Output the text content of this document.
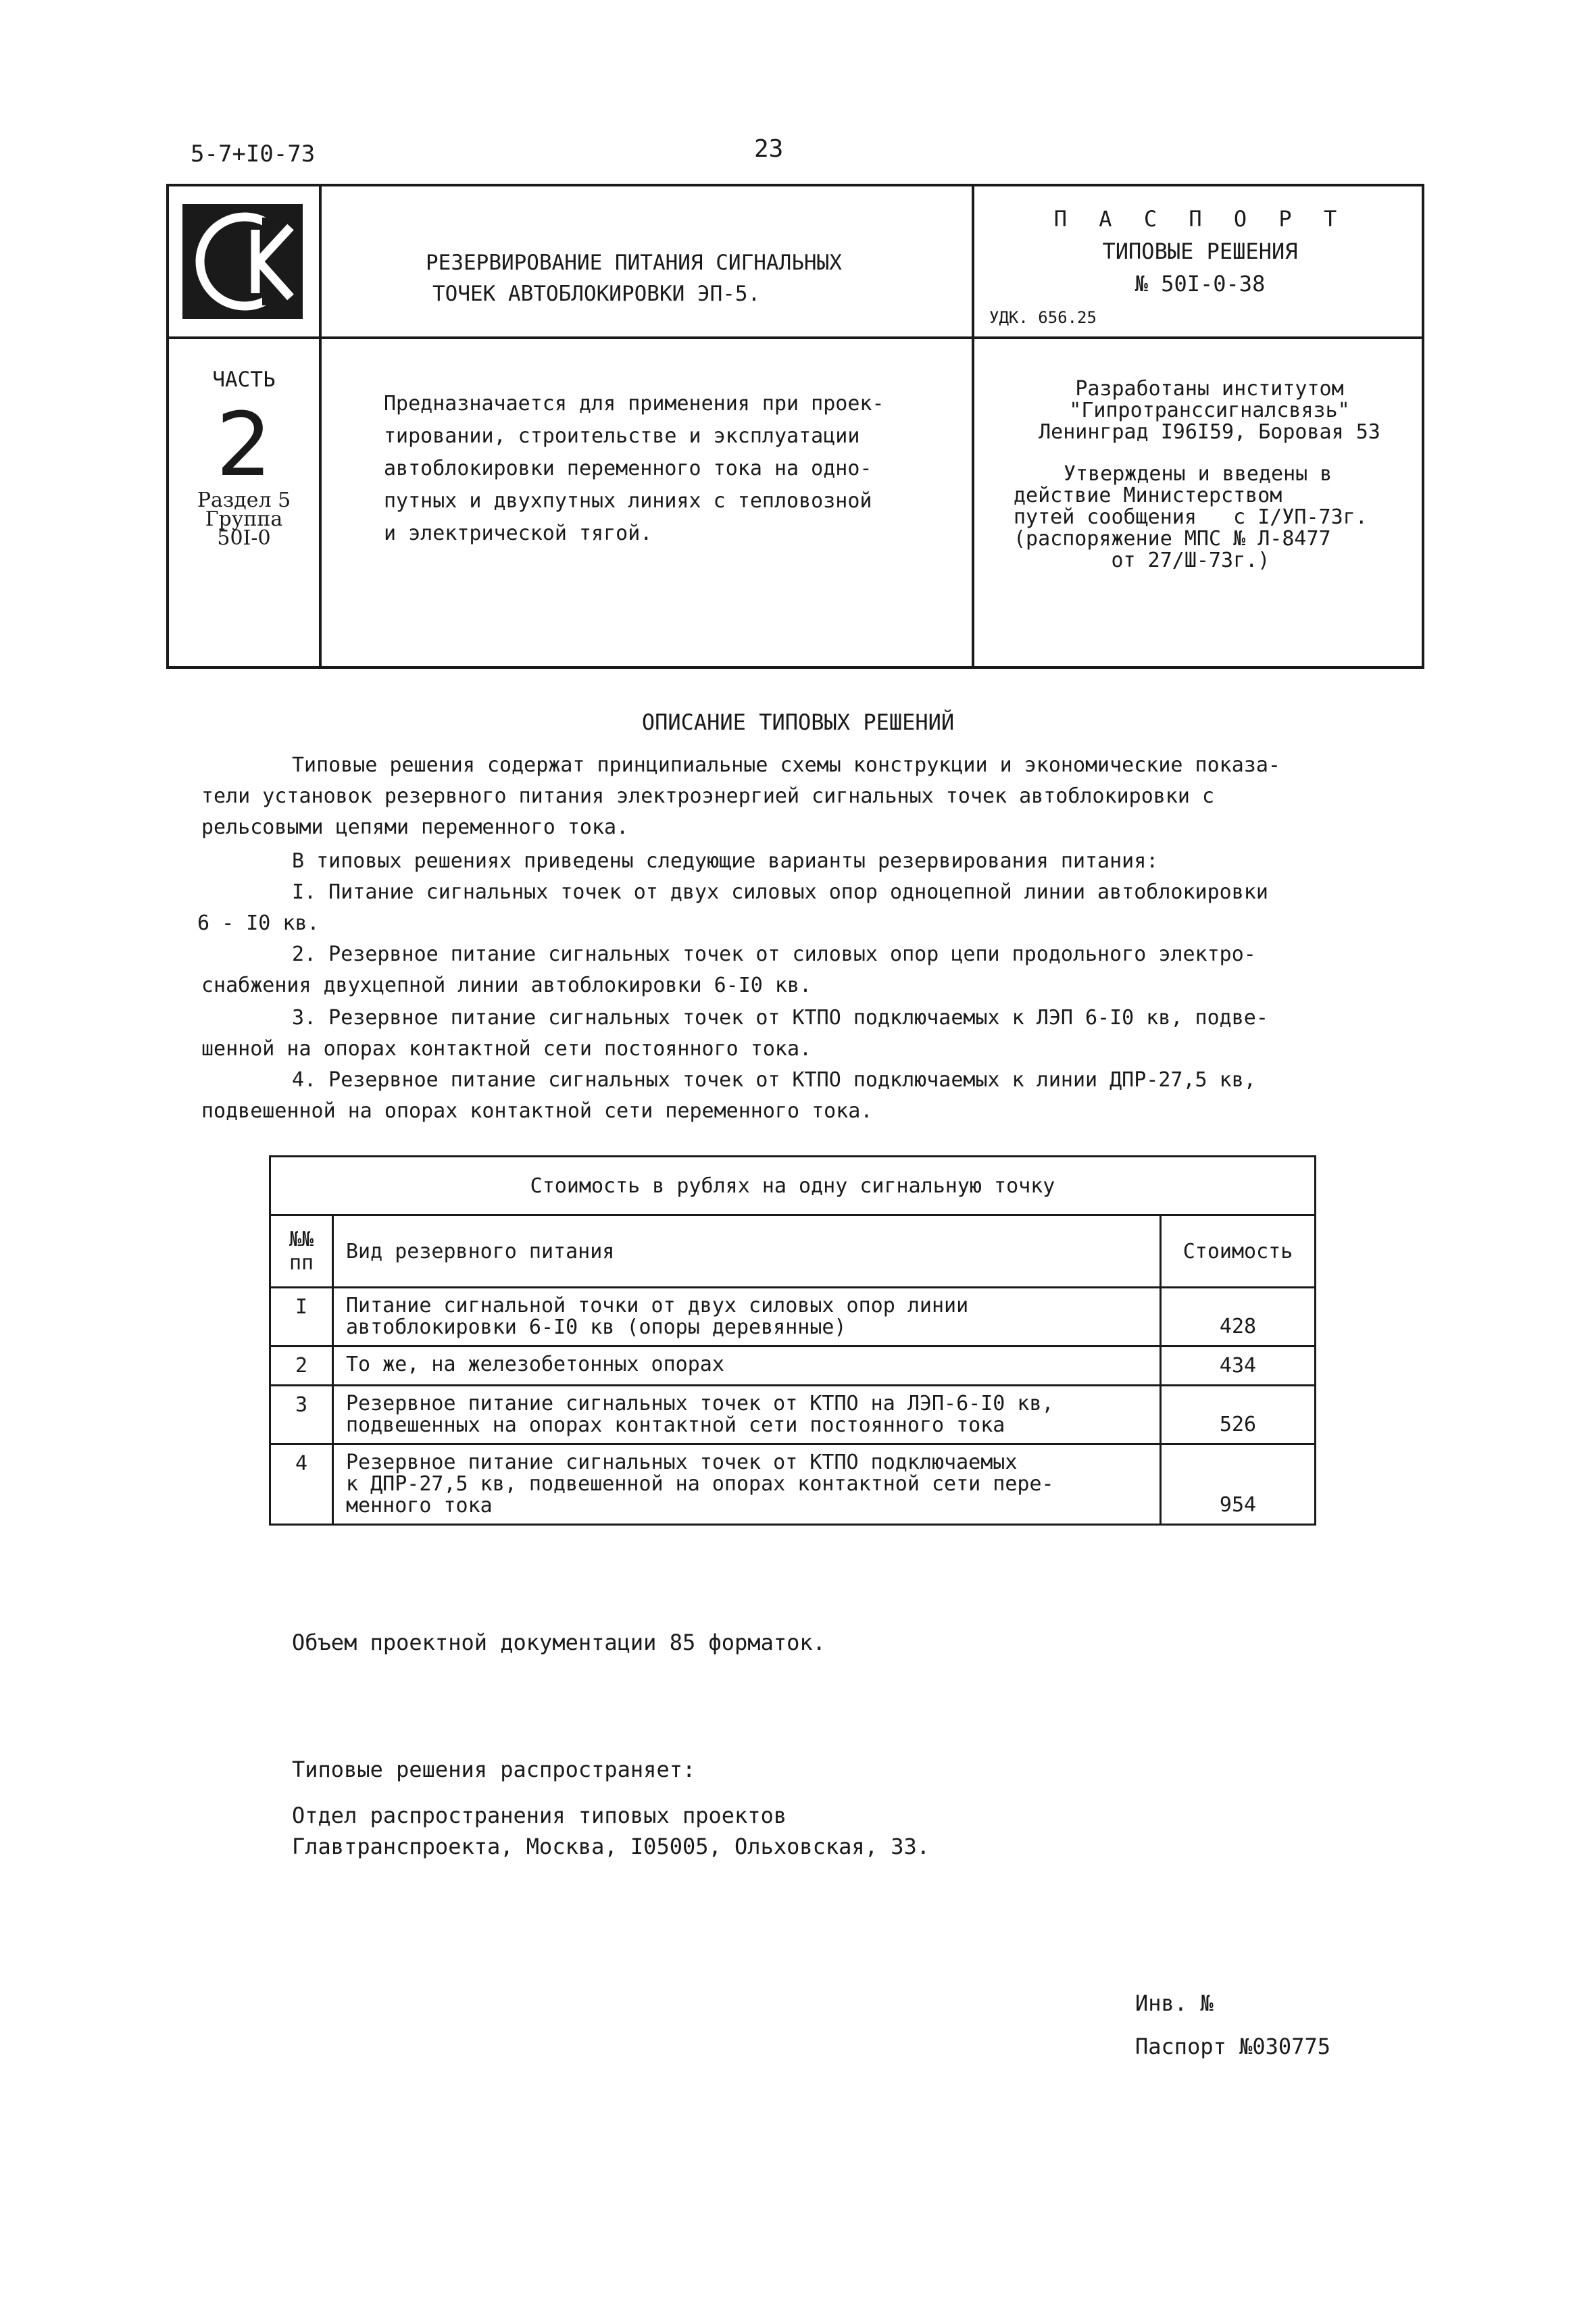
5-7+I0-73	23
РЕЗЕРВИРОВАНИЕ ПИТАНИЯ СИГНАЛЬНЫХ
ТОЧЕК АВТОБЛОКИРОВКИ ЭП-5.
П А С П О Р Т
ТИПОВЫЕ РЕШЕНИЯ
№ 50I-0-38
УДК. 656.25
ЧАСТЬ
2
Раздел 5
Группа
50I-0
Предназначается для применения при проек-
тировании, строительстве и эксплуатации
автоблокировки переменного тока на одно-
путных и двухпутных линиях с тепловозной
и электрической тягой.
Разработаны институтом
"Гипротранссигналсвязь"
Ленинград I96I59, Боровая 53
Утверждены и введены в
действие Министерством
путей сообщения   с I/УП-73г.
(распоряжение МПС № Л-8477
от 27/Ш-73г.)
ОПИСАНИЕ ТИПОВЫХ РЕШЕНИЙ
Типовые решения содержат принципиальные схемы конструкции и экономические показа-
тели установок резервного питания электроэнергией сигнальных точек автоблокировки с
рельсовыми цепями переменного тока.
В типовых решениях приведены следующие варианты резервирования питания:
I. Питание сигнальных точек от двух силовых опор одноцепной линии автоблокировки
6 - I0 кв.
2. Резервное питание сигнальных точек от силовых опор цепи продольного электро-
снабжения двухцепной линии автоблокировки 6-I0 кв.
3. Резервное питание сигнальных точек от КТПО подключаемых к ЛЭП 6-I0 кв, подве-
шенной на опорах контактной сети постоянного тока.
4. Резервное питание сигнальных точек от КТПО подключаемых к линии ДПР-27,5 кв,
подвешенной на опорах контактной сети переменного тока.
Стоимость в рублях на одну сигнальную точку		
№№ пп	Вид резервного питания	Стоимость
I	Питание сигнальной точки от двух силовых опор линии
автоблокировки 6-I0 кв (опоры деревянные)	428
2	То же, на железобетонных опорах	434
3	Резервное питание сигнальных точек от КТПО на ЛЭП-6-I0 кв,
подвешенных на опорах контактной сети постоянного тока	526
4	Резервное питание сигнальных точек от КТПО подключаемых
к ДПР-27,5 кв, подвешенной на опорах контактной сети пере-
менного тока	954
Объем проектной документации 85 форматок.
Типовые решения распространяет:
Отдел распространения типовых проектов
Главтранспроекта, Москва, I05005, Ольховская, 33.
Инв. №
Паспорт №030775
